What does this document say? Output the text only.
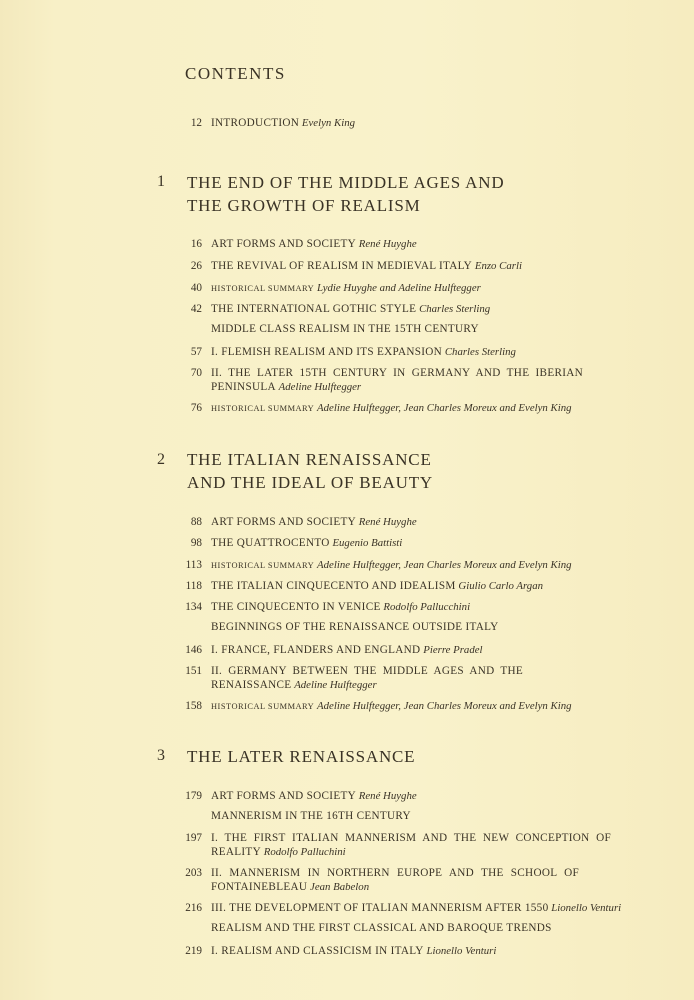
CONTENTS
12 INTRODUCTION Evelyn King
1 THE END OF THE MIDDLE AGES AND
THE GROWTH OF REALISM
16 ART FORMS AND SOCIETY René Huyghe
26 THE REVIVAL OF REALISM IN MEDIEVAL ITALY Enzo Carli
40 HISTORICAL SUMMARY Lydie Huyghe and Adeline Hulftegger
42 THE INTERNATIONAL GOTHIC STYLE Charles Sterling
MIDDLE CLASS REALISM IN THE 15TH CENTURY
57 I. FLEMISH REALISM AND ITS EXPANSION Charles Sterling
70 II. THE LATER 15TH CENTURY IN GERMANY AND THE IBERIAN PENINSULA Adeline Hulftegger
76 HISTORICAL SUMMARY Adeline Hulftegger, Jean Charles Moreux and Evelyn King
2 THE ITALIAN RENAISSANCE
AND THE IDEAL OF BEAUTY
88 ART FORMS AND SOCIETY René Huyghe
98 THE QUATTROCENTO Eugenio Battisti
113 HISTORICAL SUMMARY Adeline Hulftegger, Jean Charles Moreux and Evelyn King
118 THE ITALIAN CINQUECENTO AND IDEALISM Giulio Carlo Argan
134 THE CINQUECENTO IN VENICE Rodolfo Pallucchini
BEGINNINGS OF THE RENAISSANCE OUTSIDE ITALY
146 I. FRANCE, FLANDERS AND ENGLAND Pierre Pradel
151 II. GERMANY BETWEEN THE MIDDLE AGES AND THE RENAISSANCE Adeline Hulftegger
158 HISTORICAL SUMMARY Adeline Hulftegger, Jean Charles Moreux and Evelyn King
3 THE LATER RENAISSANCE
179 ART FORMS AND SOCIETY René Huyghe
MANNERISM IN THE 16TH CENTURY
197 I. THE FIRST ITALIAN MANNERISM AND THE NEW CONCEPTION OF REALITY Rodolfo Palluchini
203 II. MANNERISM IN NORTHERN EUROPE AND THE SCHOOL OF FONTAINEBLEAU Jean Babelon
216 III. THE DEVELOPMENT OF ITALIAN MANNERISM AFTER 1550 Lionello Venturi
REALISM AND THE FIRST CLASSICAL AND BAROQUE TRENDS
219 I. REALISM AND CLASSICISM IN ITALY Lionello Venturi
